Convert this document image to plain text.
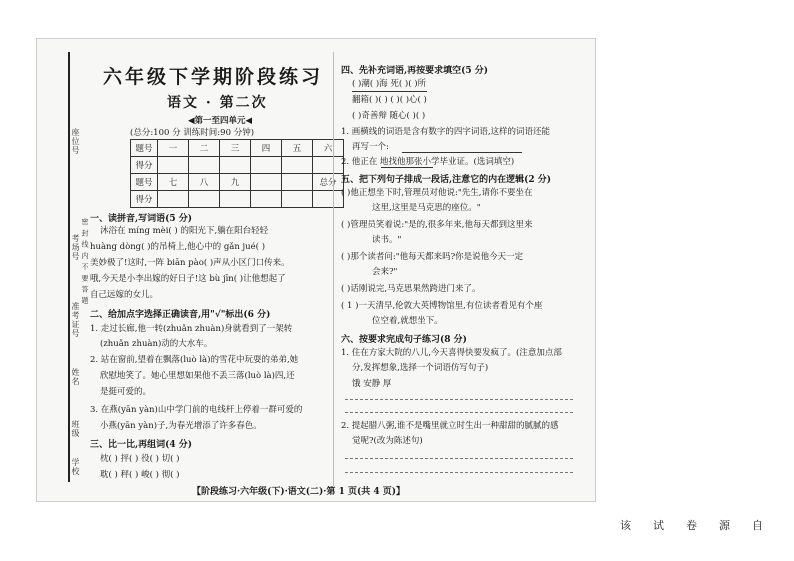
座位号
考场号
准考证号
姓名
班级
学校
密 封 线 内 不 要 答 题
六年级下学期阶段练习
语文 · 第二次
◀第一至四单元◀
(总分:100 分 训练时间:90 分钟)
题号	一	二	三	四	五	六
得分						
题号	七	八	九			总分
得分						
一、读拼音,写词语(5 分)
沐浴在 míng mèi( ) 的阳光下,躺在阳台轻轻
huàng dòng( )的吊椅上,他心中的 gǎn jué( )
美妙极了!这时,一阵 biān pào( )声从小区门口传来。
哦,今天是小李出嫁的好日子!这 bù jīn( )让他想起了
自己远嫁的女儿。
二、给加点字选择正确读音,用"√"标出(6 分)
1. 走过长廊,他一转(zhuǎn zhuàn)身就看到了一架转
(zhuǎn zhuàn)动的大水车。
2. 站在窗前,望着在飘落(luò là)的雪花中玩耍的弟弟,她
欣慰地笑了。她心里想如果他不丢三落(luò là)四,还
是挺可爱的。
3. 在燕(yān yàn)山中学门前的电线杆上停着一群可爱的
小燕(yān yàn)子,为春光增添了许多春色。
三、比一比,再组词(4 分)
枕( ) 抨( ) 役( ) 切( )
耽( ) 秤( ) 峻( ) 彻( )
四、先补充词语,再按要求填空(5 分)
( )潮( )海 死( )( )所
翻箱( )( ) ( )( )心( )
( )奇善辩 随心( )( )
1. 画横线的词语是含有数字的四字词语,这样的词语还能
再写一个:
2. 他正在 地找他那张小学毕业证。(选词填空)
五、把下列句子排成一段话,注意它的内在逻辑(2 分)
( )他正想坐下时,管理员对他说:"先生,请你不要坐在
这里,这里是马克思的座位。"
( )管理员笑着说:"是的,很多年来,他每天都到这里来
读书。"
( )那个读者问:"他每天都来吗?你是说他今天一定
会来?"
( )话刚说完,马克思果然跨进门来了。
( 1 )一天清早,伦敦大英博物馆里,有位读者看见有个座
位空着,就想坐下。
六、按要求完成句子练习(8 分)
1. 住在方家大院的八儿,今天喜得快要发疯了。(注意加点部
分,发挥想象,选择一个词语仿写句子)
饿 安静 厚
2. 提起腊八粥,谁不是嘴里就立时生出一种甜甜的腻腻的感
觉呢?(改为陈述句)
【阶段练习·六年级(下)·语文(二)·第 1 页(共 4 页)】
该 试 卷 源 自
